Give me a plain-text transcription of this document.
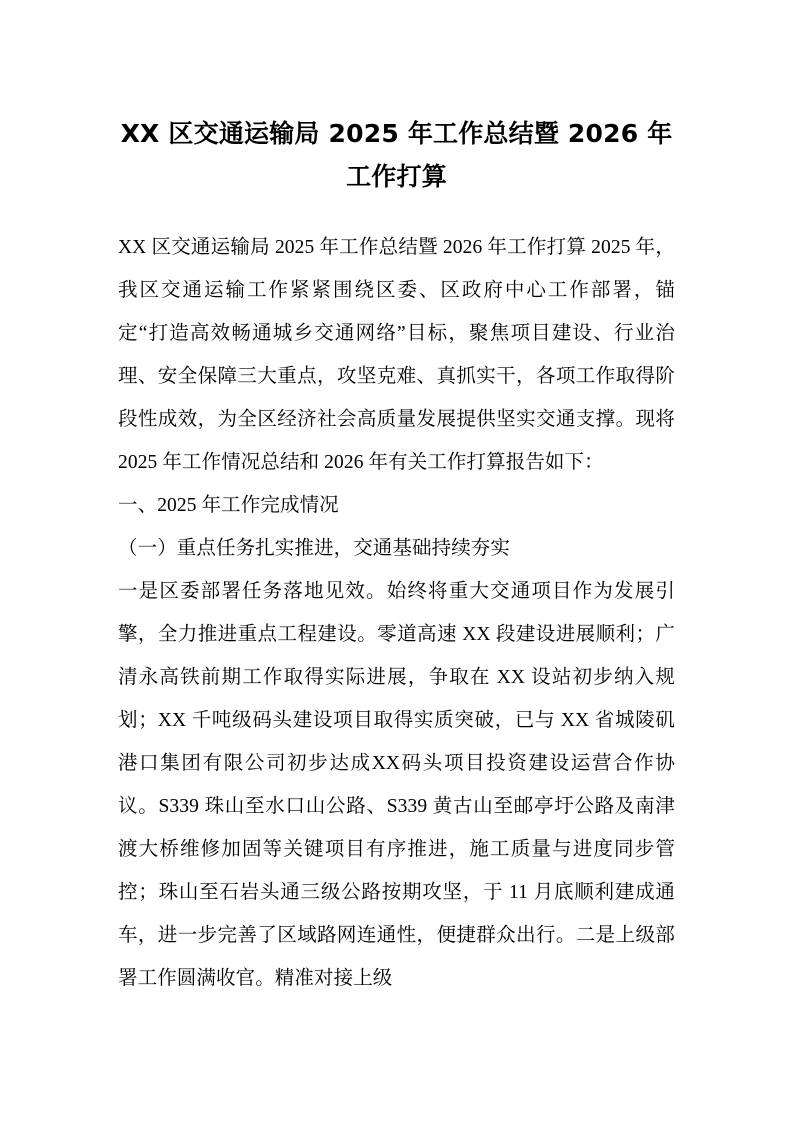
XX 区交通运输局 2025 年工作总结暨 2026 年工作打算

XX 区交通运输局 2025 年工作总结暨 2026 年工作打算 2025 年，我区交通运输工作紧紧围绕区委、区政府中心工作部署，锚定“打造高效畅通城乡交通网络”目标，聚焦项目建设、行业治理、安全保障三大重点，攻坚克难、真抓实干，各项工作取得阶段性成效，为全区经济社会高质量发展提供坚实交通支撑。现将 2025 年工作情况总结和 2026 年有关工作打算报告如下：

一、2025 年工作完成情况

（一）重点任务扎实推进，交通基础持续夯实

一是区委部署任务落地见效。始终将重大交通项目作为发展引擎，全力推进重点工程建设。零道高速 XX 段建设进展顺利；广清永高铁前期工作取得实际进展，争取在 XX 设站初步纳入规划；XX 千吨级码头建设项目取得实质突破，已与 XX 省城陵矶港口集团有限公司初步达成XX码头项目投资建设运营合作协议。S339 珠山至水口山公路、S339 黄古山至邮亭圩公路及南津渡大桥维修加固等关键项目有序推进，施工质量与进度同步管控；珠山至石岩头通三级公路按期攻坚，于 11 月底顺利建成通车，进一步完善了区域路网连通性，便捷群众出行。二是上级部署工作圆满收官。精准对接上级
